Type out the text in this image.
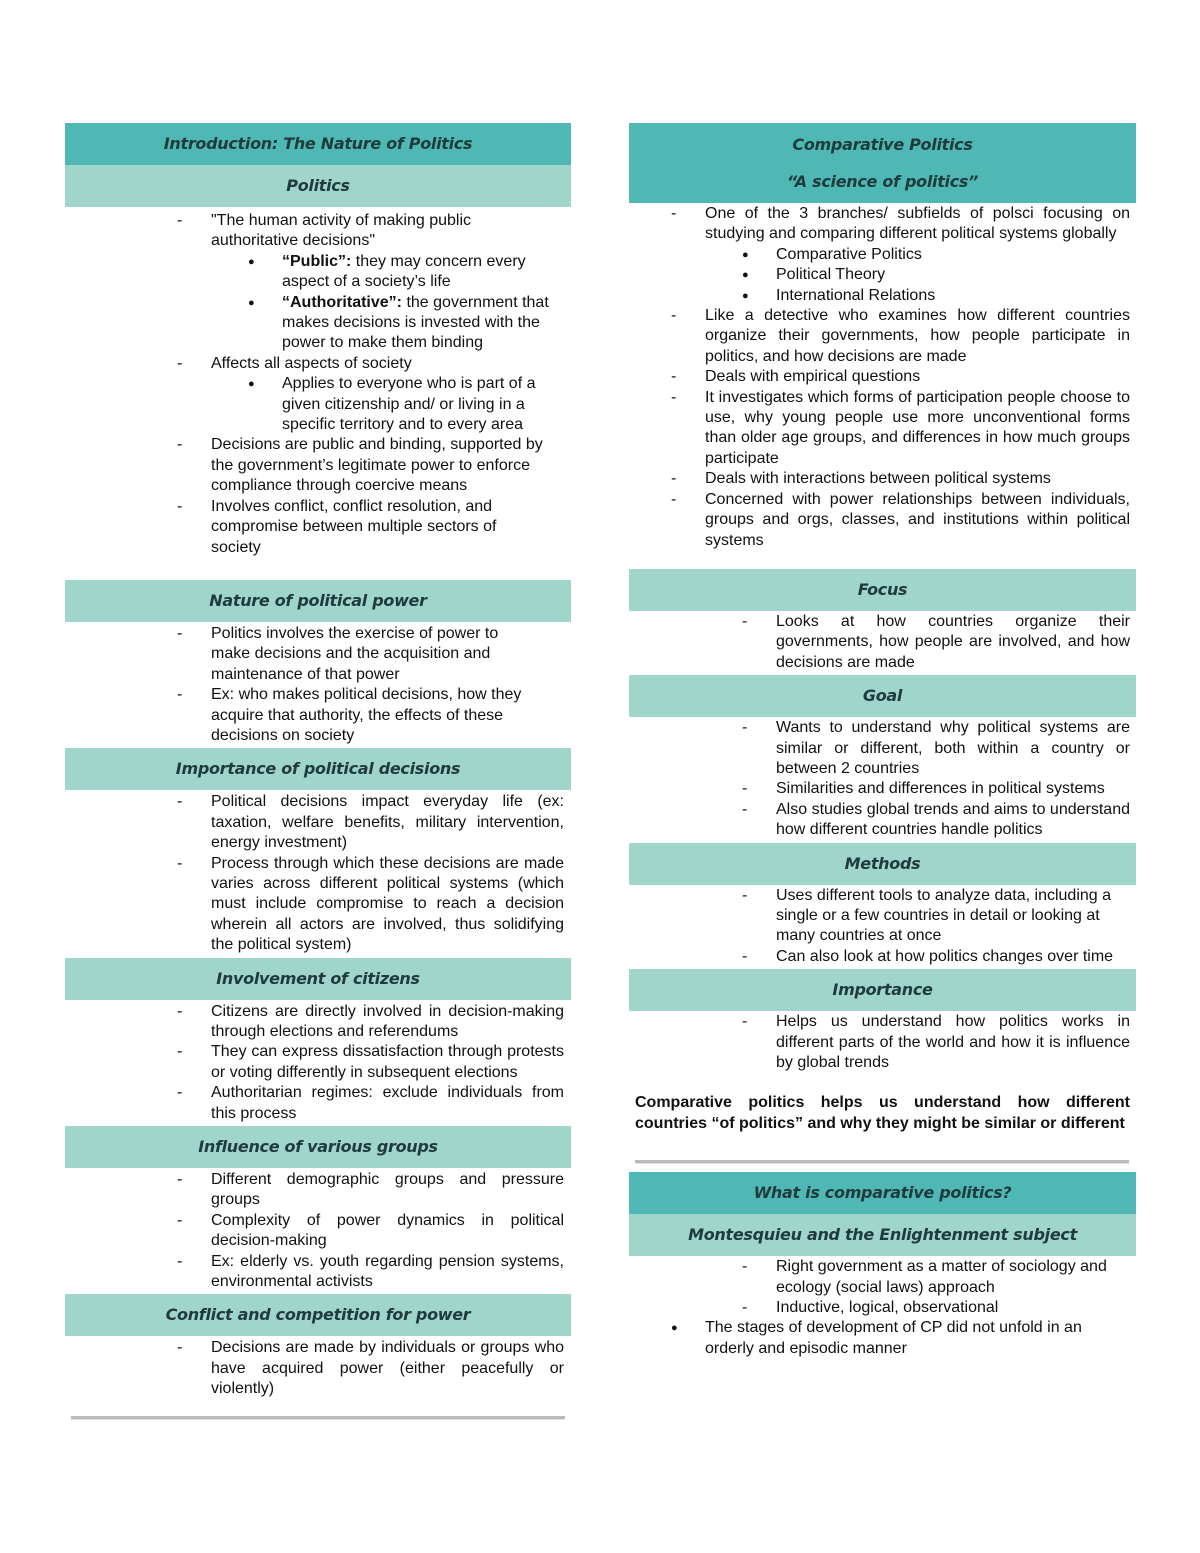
Introduction: The Nature of Politics
Politics
- "The human activity of making public authoritative decisions"
● “Public”: they may concern every aspect of a society’s life
● “Authoritative”: the government that makes decisions is invested with the power to make them binding
- Affects all aspects of society
● Applies to everyone who is part of a given citizenship and/ or living in a specific territory and to every area
- Decisions are public and binding, supported by the government’s legitimate power to enforce compliance through coercive means
- Involves conflict, conflict resolution, and compromise between multiple sectors of society
Nature of political power
- Politics involves the exercise of power to make decisions and the acquisition and maintenance of that power
- Ex: who makes political decisions, how they acquire that authority, the effects of these decisions on society
Importance of political decisions
- Political decisions impact everyday life (ex: taxation, welfare benefits, military intervention, energy investment)
- Process through which these decisions are made varies across different political systems (which must include compromise to reach a decision wherein all actors are involved, thus solidifying the political system)
Involvement of citizens
- Citizens are directly involved in decision-making through elections and referendums
- They can express dissatisfaction through protests or voting differently in subsequent elections
- Authoritarian regimes: exclude individuals from this process
Influence of various groups
- Different demographic groups and pressure groups
- Complexity of power dynamics in political decision-making
- Ex: elderly vs. youth regarding pension systems, environmental activists
Conflict and competition for power
- Decisions are made by individuals or groups who have acquired power (either peacefully or violently)
Comparative Politics
“A science of politics”
- One of the 3 branches/ subfields of polsci focusing on studying and comparing different political systems globally
● Comparative Politics
● Political Theory
● International Relations
- Like a detective who examines how different countries organize their governments, how people participate in politics, and how decisions are made
- Deals with empirical questions
- It investigates which forms of participation people choose to use, why young people use more unconventional forms than older age groups, and differences in how much groups participate
- Deals with interactions between political systems
- Concerned with power relationships between individuals, groups and orgs, classes, and institutions within political systems
Focus
- Looks at how countries organize their governments, how people are involved, and how decisions are made
Goal
- Wants to understand why political systems are similar or different, both within a country or between 2 countries
- Similarities and differences in political systems
- Also studies global trends and aims to understand how different countries handle politics
Methods
- Uses different tools to analyze data, including a single or a few countries in detail or looking at many countries at once
- Can also look at how politics changes over time
Importance
- Helps us understand how politics works in different parts of the world and how it is influence by global trends
Comparative politics helps us understand how different countries “of politics” and why they might be similar or different
What is comparative politics?
Montesquieu and the Enlightenment subject
- Right government as a matter of sociology and ecology (social laws) approach
- Inductive, logical, observational
● The stages of development of CP did not unfold in an orderly and episodic manner
